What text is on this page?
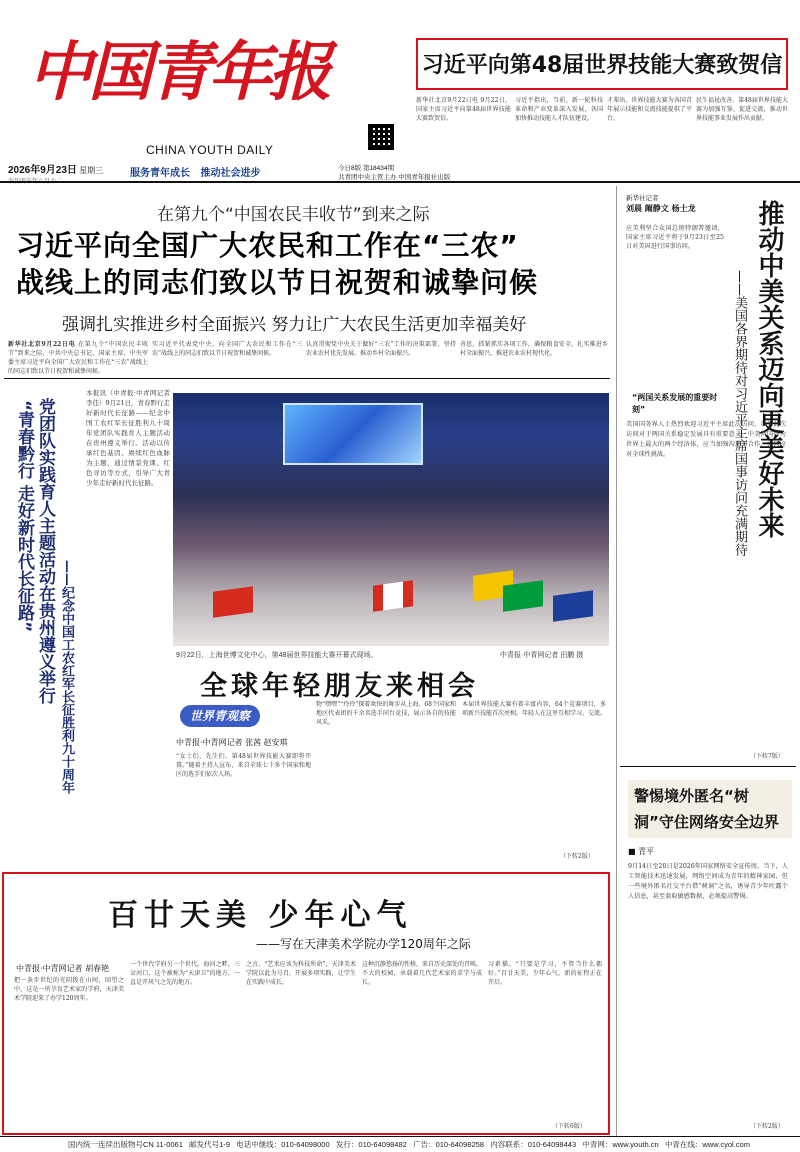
中国青年报
CHINA YOUTH DAILY
习近平向第48届世界技能大赛致贺信
新华社北京9月22日电 9月22日，国家主席习近平向第48届世界技能大赛致贺信。
习近平指出，当前，新一轮科技革命和产业变革深入发展，各国加快推动技能人才队伍建设。
才辈出，世界技能大赛为各国青年展示技能和交流技能提供了平台。
民生福祉改善。第48届世界技能大赛为加强互鉴、促进交流，推动世界技能事业发展作出贡献。
2026年9月23日 星期三	服务青年成长 推动社会进步	今日8版 第18434期
共青团中央主管主办 中国青年报社出版
在第九个“中国农民丰收节”到来之际
习近平向全国广大农民和工作在“三农”
战线上的同志们致以节日祝贺和诚挚问候
强调扎实推进乡村全面振兴 努力让广大农民生活更加幸福美好
新华社北京9月22日电 在第九个“中国农民丰收节”到来之际，中共中央总书记、国家主席、中央军委主席习近平向全国广大农民和工作在“三农”战线上的同志们致以节日祝贺和诚挚问候。
实习近平代表党中央，向全国广大农民和工作在“三农”战线上的同志们致以节日祝贺和诚挚问候。
认真贯彻党中央关于做好“三农”工作的决策部署，坚持农业农村优先发展，推动乡村全面振兴。
善思，抓紧抓实各项工作，确保粮食安全，扎实推进乡村全面振兴，推进农业农村现代化。
“青春黔行 走好新时代长征路” 党团队实践育人主题活动在贵州遵义举行 ——纪念中国工农红军长征胜利九十周年
本报讯（中青报·中青网记者李佳）9月21日，青春黔行走好新时代长征路——纪念中国工农红军长征胜利九十周年党团队实践育人主题活动在贵州遵义举行。活动以传承红色基因、赓续红色血脉为主题，通过情景党课、红色寻访等方式，引导广大青少年走好新时代长征路。
9月22日，上海世博文化中心，第48届世界技能大赛开幕式现场。	中青报·中青网记者 田鹏 摄
全球年轻朋友来相会
世界青观察
中青报·中青网记者 张茜 赵安琪
“女士们，先生们，第48届世界技能大赛即将开幕。”随着主持人宣布，来自全球七十多个国家和地区的选手们依次入场。
物“嘿嘿”“玲玲”探着欢快的舞步从上海。68个国家和地区代表团的千余名选手同台竞技，展示各自的技能风采。
本届世界技能大赛有着丰富内容，64个竞赛项目，多项新兴技能首次亮相，年轻人在这里互相学习、交流。
（下转2版）
百廿天美 少年心气
——写在天津美术学院办学120周年之际
中青报·中青网记者 胡春艳
把一条步世纪的光阴拨在山间，回望之中，这是一所孕育艺术家的学府，天津美术学院迎来了办学120周年。
一个世代学府另一个世代。海河之畔，三岔河口，这个被称为“天津卫”的地方，一直是开风气之先的地方。
之言。“艺术应该为科技所命”，天津美术学院以此为号召，开展多项实践，让学生在实践中成长。
这种沉静悠扬的性格，来自历史深处的召唤。不大的校园，承载着几代艺术家的求学与成长。
习素描。“只要是学习，不管当什么都好。”百廿天美，少年心气，新的征程正在开启。
（下转6版）
新华社记者
刘晨 阚静文 杨士龙 推动中美关系迈向更美好未来
——美国各界期待对习近平主席国事访问充满期待
应美利坚合众国总统特朗普邀请，国家主席习近平将于9月23日至25日对美国进行国事访问。
“两国关系发展的重要时刻”
美国国务界人士热烈欢迎习近平主席此次访问，认为此次访问对于两国关系稳定发展具有重要意义。中美两国作为世界上最大的两个经济体，应当加强沟通与合作，共同应对全球性挑战。
（下转7版）
警惕境外匿名“树洞”守住网络安全边界
■ 青平
9月14日至20日是2026年国家网络安全宣传周。当下，人工智能技术迅速发展，网络空间成为青年的精神家园，但一些境外匿名社交平台借“树洞”之名，诱导青少年吐露个人信息，甚至套取敏感数据，必须提高警惕。
（下转2版）
国内统一连续出版物号CN 11-0061 邮发代号1-9 电话中继线：010-64098000 发行：010-64098482 广告：010-64098258 内容联系：010-64098443 中青网：www.youth.cn 中青在线：www.cyol.com
